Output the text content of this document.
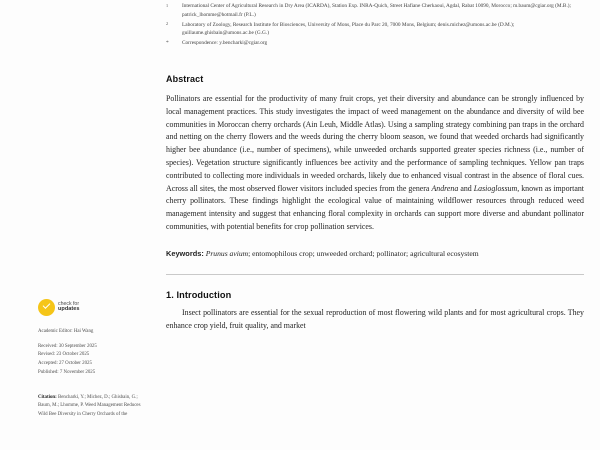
check for
updates
Academic Editor: Hai Wang
Received: 30 September 2025
Revised: 23 October 2025
Accepted: 27 October 2025
Published: 7 November 2025
Citation: Bencharki, Y.; Michez, D.; Ghisbain, G.; Baum, M.; Lhomme, P. Weed Management Reduces Wild Bee Diversity in Cherry Orchards of the
1	International Center of Agricultural Research in Dry Area (ICARDA), Station Exp. INRA-Quich, Street Hafiane Cherkaoui, Agdal, Rabat 10090, Morocco; m.baum@cgiar.org (M.B.); patrick_lhomme@hotmail.fr (P.L.)
2	Laboratory of Zoology, Research Institute for Biosciences, University of Mons, Place du Parc 20, 7000 Mons, Belgium; denis.michez@umons.ac.be (D.M.); guillaume.ghisbain@umons.ac.be (G.G.)
*	Correspondence: y.bencharki@cgiar.org
Abstract
Pollinators are essential for the productivity of many fruit crops, yet their diversity and abundance can be strongly influenced by local management practices. This study investigates the impact of weed management on the abundance and diversity of wild bee communities in Moroccan cherry orchards (Ain Leuh, Middle Atlas). Using a sampling strategy combining pan traps in the orchard and netting on the cherry flowers and the weeds during the cherry bloom season, we found that weeded orchards had significantly higher bee abundance (i.e., number of specimens), while unweeded orchards supported greater species richness (i.e., number of species). Vegetation structure significantly influences bee activity and the performance of sampling techniques. Yellow pan traps contributed to collecting more individuals in weeded orchards, likely due to enhanced visual contrast in the absence of floral cues. Across all sites, the most observed flower visitors included species from the genera Andrena and Lasioglossum, known as important cherry pollinators. These findings highlight the ecological value of maintaining wildflower resources through reduced weed management intensity and suggest that enhancing floral complexity in orchards can support more diverse and abundant pollinator communities, with potential benefits for crop pollination services.
Keywords: Prunus avium; entomophilous crop; unweeded orchard; pollinator; agricultural ecosystem
1. Introduction
Insect pollinators are essential for the sexual reproduction of most flowering wild plants and for most agricultural crops. They enhance crop yield, fruit quality, and market
